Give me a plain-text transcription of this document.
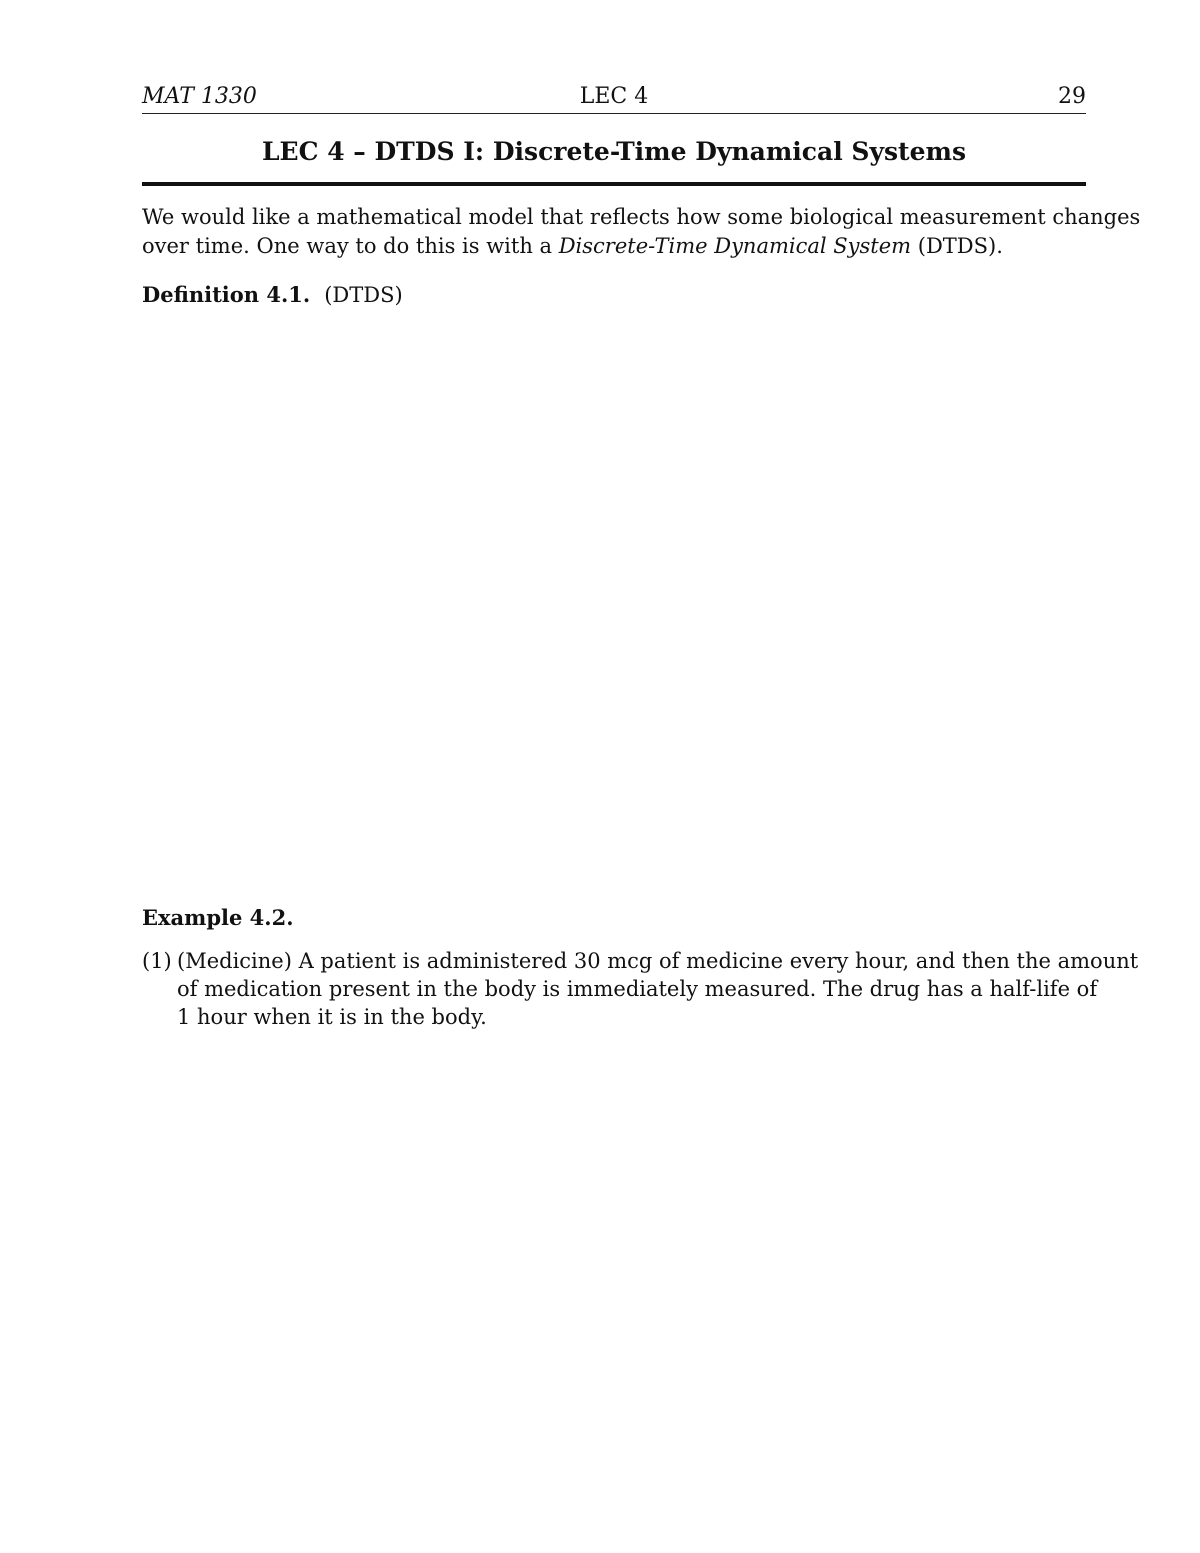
MAT 1330	LEC 4	29
LEC 4 – DTDS I: Discrete-Time Dynamical Systems
We would like a mathematical model that reflects how some biological measurement changes
over time. One way to do this is with a Discrete-Time Dynamical System (DTDS).
Definition 4.1. (DTDS)
Example 4.2.
(1) (Medicine) A patient is administered 30 mcg of medicine every hour, and then the amount
of medication present in the body is immediately measured. The drug has a half-life of
1 hour when it is in the body.
